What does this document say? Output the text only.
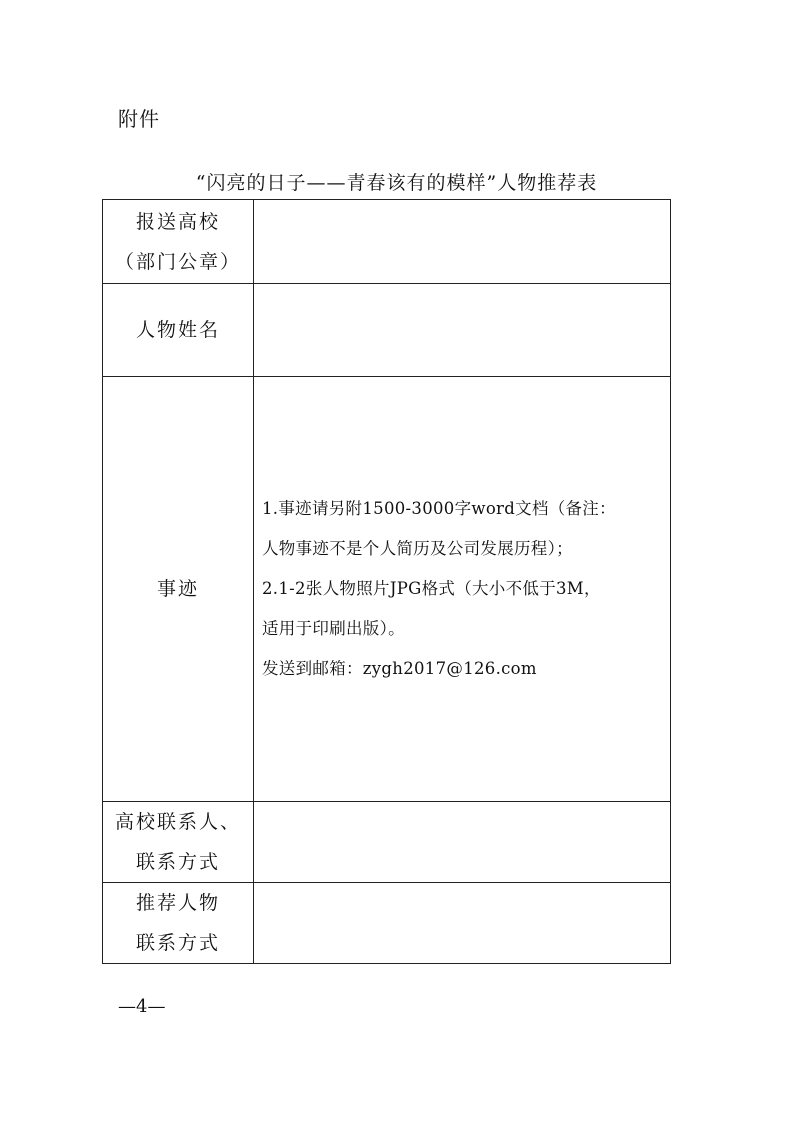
附件
“闪亮的日子——青春该有的模样”人物推荐表
报送高校
（部门公章）	

人物姓名	

事迹	1.事迹请另附1500-3000字word文档（备注：
人物事迹不是个人简历及公司发展历程）；
2.1-2张人物照片JPG格式（大小不低于3M，
适用于印刷出版）。
发送到邮箱：zygh2017@126.com

高校联系人、
联系方式	

推荐人物
联系方式	

—4—
